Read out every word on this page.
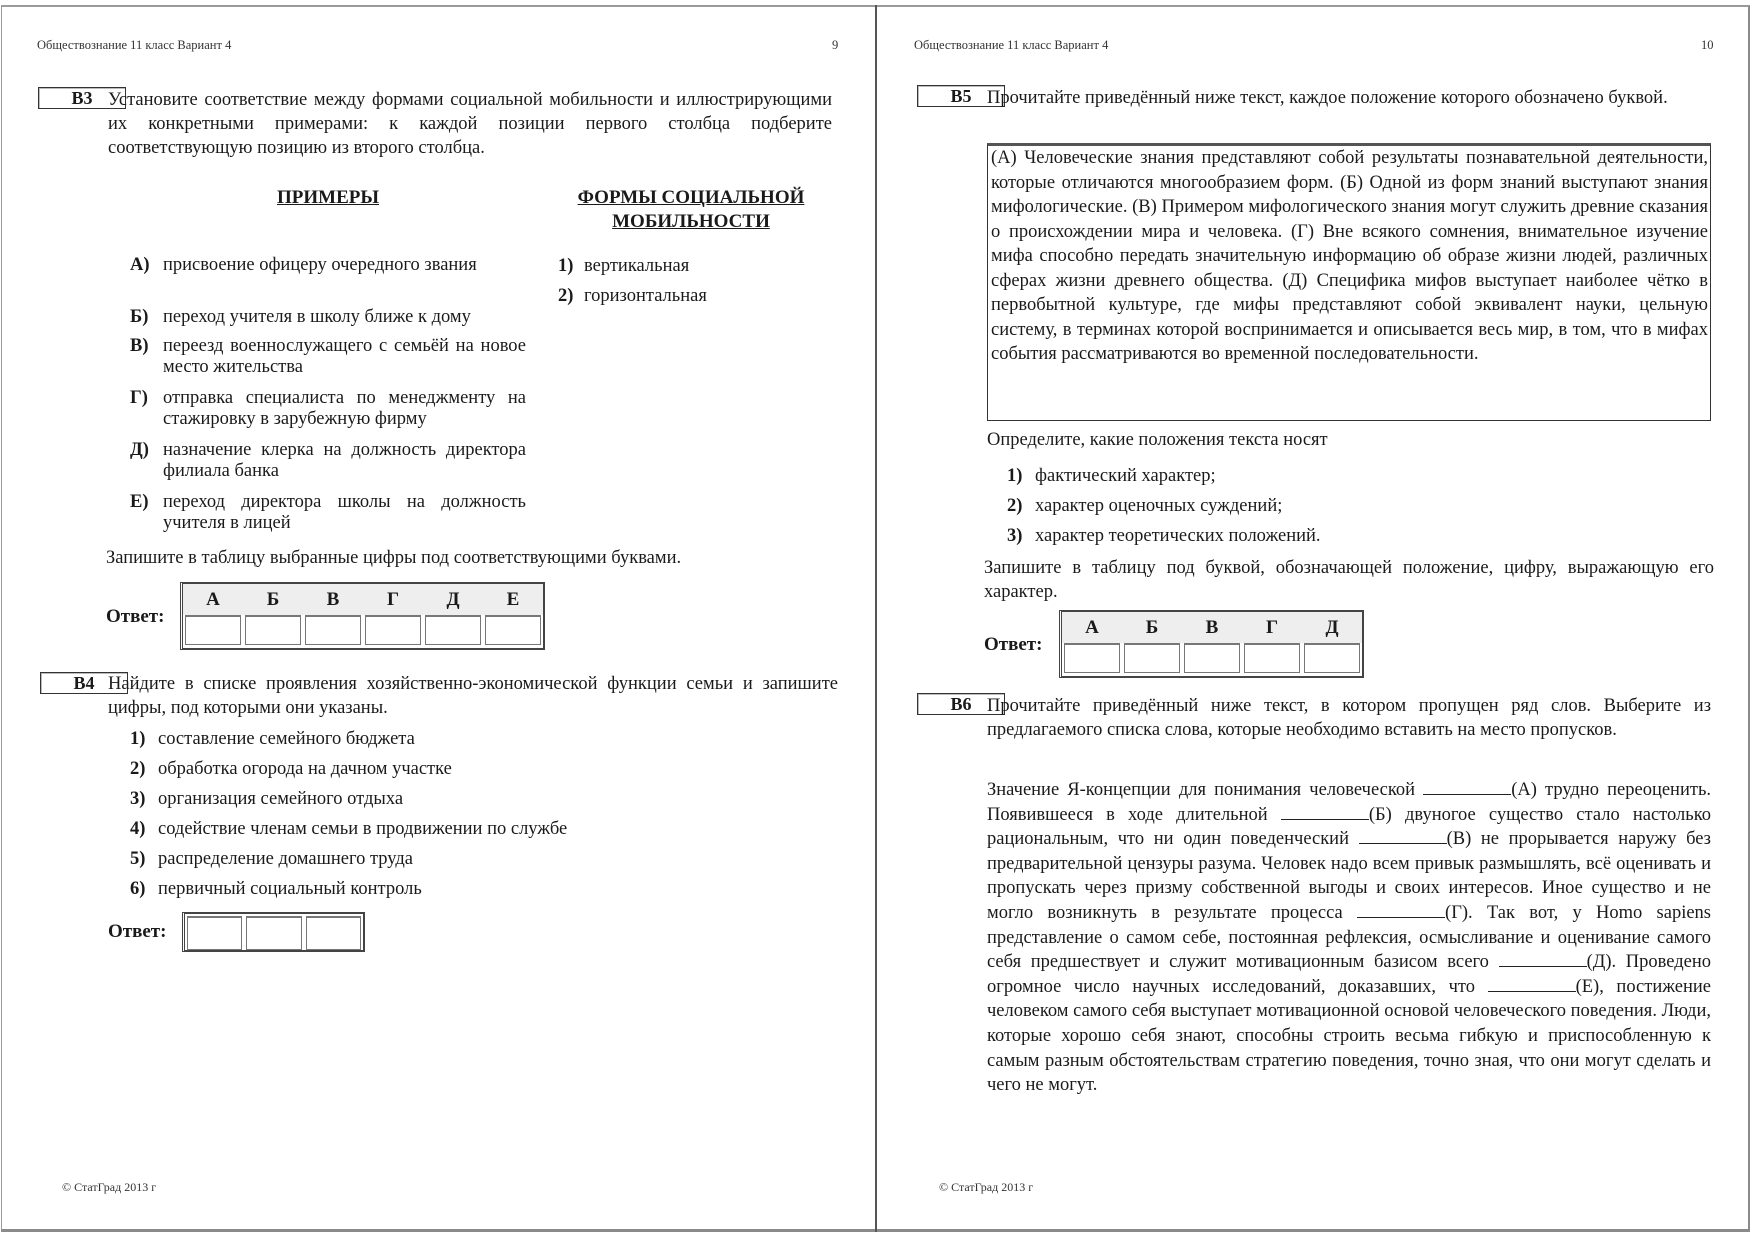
Обществознание 11 класс Вариант 4	9
B3 Установите соответствие между формами социальной мобильности и иллюстрирующими их конкретными примерами: к каждой позиции первого столбца подберите соответствующую позицию из второго столбца.
ПРИМЕРЫ	ФОРМЫ СОЦИАЛЬНОЙ МОБИЛЬНОСТИ
А) присвоение офицеру очередного звания
Б) переход учителя в школу ближе к дому
В) переезд военнослужащего с семьёй на новое место жительства
Г) отправка специалиста по менеджменту на стажировку в зарубежную фирму
Д) назначение клерка на должность директора филиала банка
Е) переход директора школы на должность учителя в лицей
1) вертикальная
2) горизонтальная
Запишите в таблицу выбранные цифры под соответствующими буквами.
Ответ:
А	Б	В	Г	Д	Е
B4 Найдите в списке проявления хозяйственно-экономической функции семьи и запишите цифры, под которыми они указаны.
1) составление семейного бюджета
2) обработка огорода на дачном участке
3) организация семейного отдыха
4) содействие членам семьи в продвижении по службе
5) распределение домашнего труда
6) первичный социальный контроль
Ответ:
© СтатГрад 2013 г
Обществознание 11 класс Вариант 4	10
B5 Прочитайте приведённый ниже текст, каждое положение которого обозначено буквой.
(А) Человеческие знания представляют собой результаты познавательной деятельности, которые отличаются многообразием форм. (Б) Одной из форм знаний выступают знания мифологические. (В) Примером мифологического знания могут служить древние сказания о происхождении мира и человека. (Г) Вне всякого сомнения, внимательное изучение мифа способно передать значительную информацию об образе жизни людей, различных сферах жизни древнего общества. (Д) Специфика мифов выступает наиболее чётко в первобытной культуре, где мифы представляют собой эквивалент науки, цельную систему, в терминах которой воспринимается и описывается весь мир, в том, что в мифах события рассматриваются во временной последовательности.
Определите, какие положения текста носят
1) фактический характер;
2) характер оценочных суждений;
3) характер теоретических положений.
Запишите в таблицу под буквой, обозначающей положение, цифру, выражающую его характер.
Ответ:
А	Б	В	Г	Д
B6 Прочитайте приведённый ниже текст, в котором пропущен ряд слов. Выберите из предлагаемого списка слова, которые необходимо вставить на место пропусков.
Значение Я-концепции для понимания человеческой	(А) трудно переоценить. Появившееся в ходе длительной	(Б) двуногое существо стало настолько рациональным, что ни один поведенческий	(В) не прорывается наружу без предварительной цензуры разума. Человек надо всем привык размышлять, всё оценивать и пропускать через призму собственной выгоды и своих интересов. Иное существо и не могло возникнуть в результате процесса	(Г). Так вот, у Homo sapiens представление о самом себе, постоянная рефлексия, осмысливание и оценивание самого себя предшествует и служит мотивационным базисом всего	(Д). Проведено огромное число научных исследований, доказавших, что	(Е), постижение человеком самого себя выступает мотивационной основой человеческого поведения. Люди, которые хорошо себя знают, способны строить весьма гибкую и приспособленную к самым разным обстоятельствам стратегию поведения, точно зная, что они могут сделать и чего не могут.
© СтатГрад 2013 г
